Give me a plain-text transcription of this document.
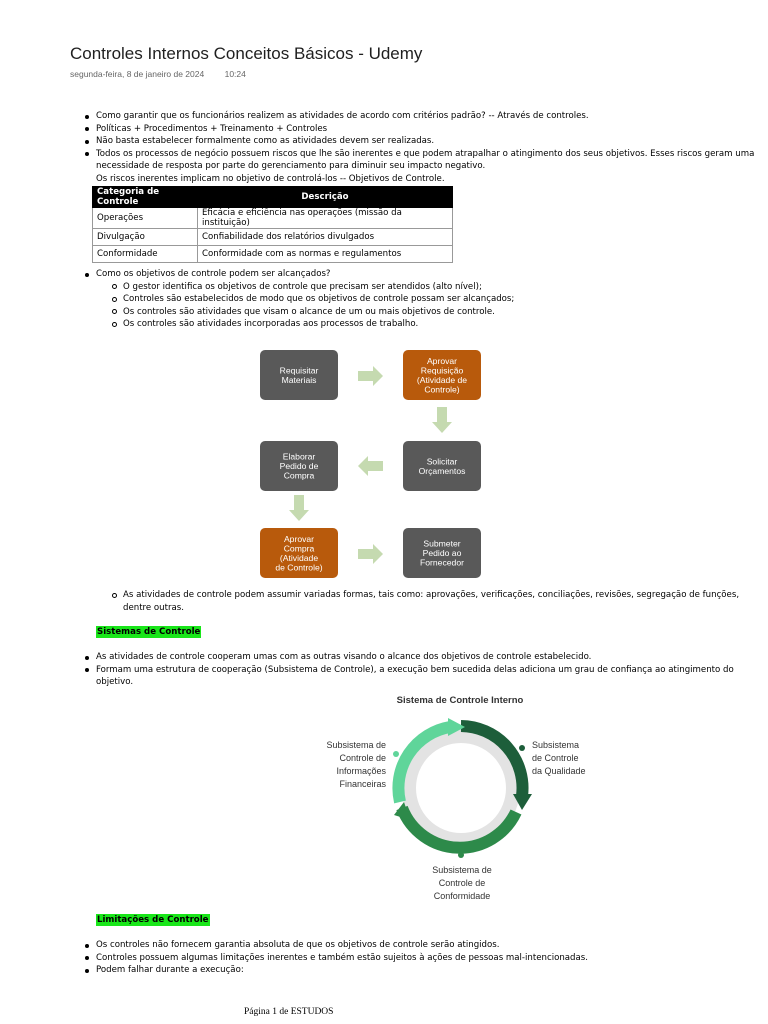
Controles Internos Conceitos Básicos - Udemy
segunda-feira, 8 de janeiro de 2024 10:24
Como garantir que os funcionários realizem as atividades de acordo com critérios padrão? -- Através de controles.
Políticas + Procedimentos + Treinamento + Controles
Não basta estabelecer formalmente como as atividades devem ser realizadas.
Todos os processos de negócio possuem riscos que lhe são inerentes e que podem atrapalhar o atingimento dos seus objetivos. Esses riscos geram uma necessidade de resposta por parte do gerenciamento para diminuir seu impacto negativo.
Os riscos inerentes implicam no objetivo de controlá-los -- Objetivos de Controle.
Categoria de Controle	Descrição
Operações	Eficácia e eficiência nas operações (missão da instituição)
Divulgação	Confiabilidade dos relatórios divulgados
Conformidade	Conformidade com as normas e regulamentos
Como os objetivos de controle podem ser alcançados?
O gestor identifica os objetivos de controle que precisam ser atendidos (alto nível);
Controles são estabelecidos de modo que os objetivos de controle possam ser alcançados;
Os controles são atividades que visam o alcance de um ou mais objetivos de controle.
Os controles são atividades incorporadas aos processos de trabalho.
Requisitar
Materiais
Aprovar
Requisição
(Atividade de
Controle)
Solicitar
Orçamentos
Elaborar
Pedido de
Compra
Aprovar
Compra
(Atividade
de Controle)
Submeter
Pedido ao
Fornecedor
As atividades de controle podem assumir variadas formas, tais como: aprovações, verificações, conciliações, revisões, segregação de funções, dentre outras.
Sistemas de Controle
As atividades de controle cooperam umas com as outras visando o alcance dos objetivos de controle estabelecido.
Formam uma estrutura de cooperação (Subsistema de Controle), a execução bem sucedida delas adiciona um grau de confiança ao atingimento do objetivo.
Sistema de Controle Interno
Subsistema de
Controle de
Informações
Financeiras
Subsistema
de Controle
da Qualidade
Subsistema de
Controle de
Conformidade
Limitações de Controle
Os controles não fornecem garantia absoluta de que os objetivos de controle serão atingidos.
Controles possuem algumas limitações inerentes e também estão sujeitos à ações de pessoas mal-intencionadas.
Podem falhar durante a execução:
Página 1 de ESTUDOS
